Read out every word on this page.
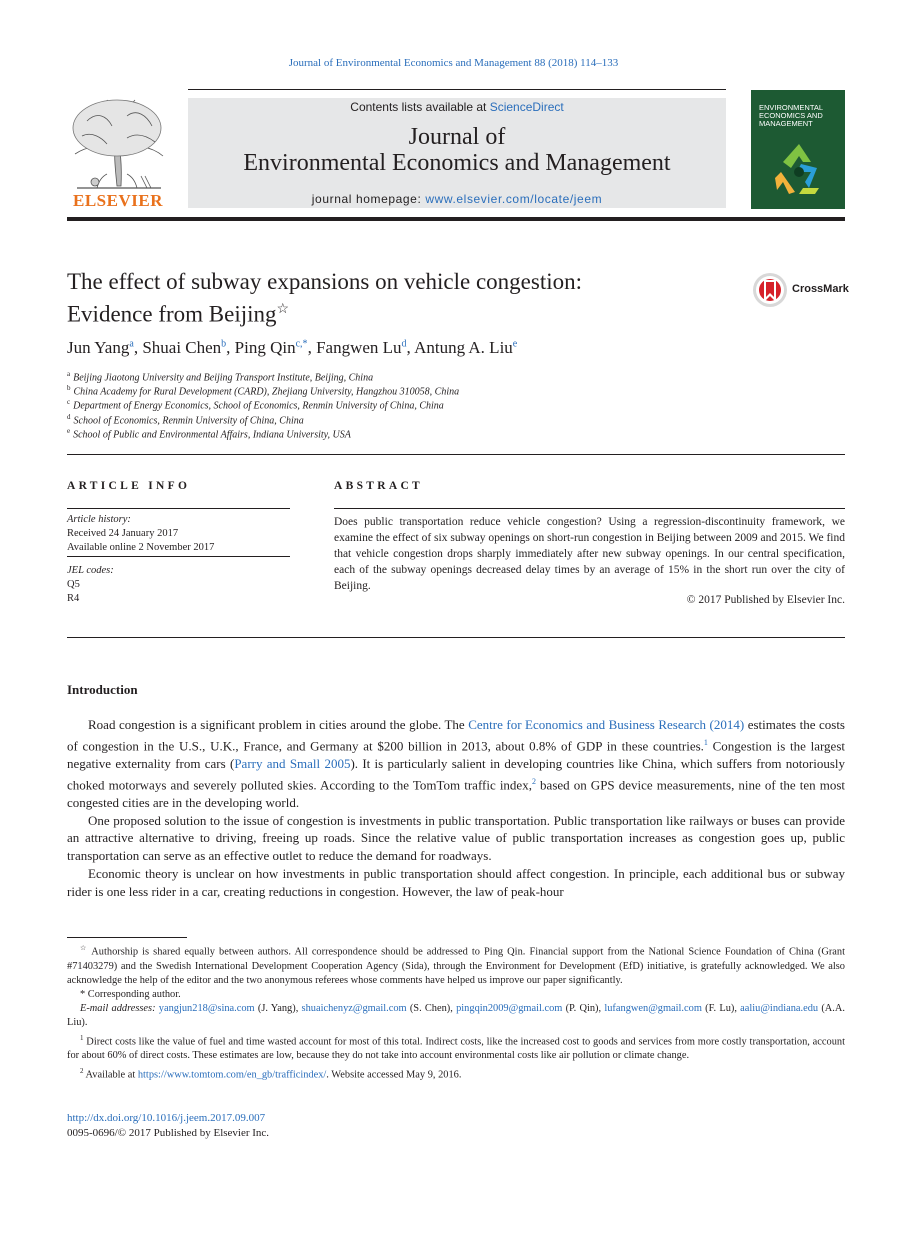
Journal of Environmental Economics and Management 88 (2018) 114–133
ELSEVIER
Contents lists available at ScienceDirect
Journal of
Environmental Economics and Management
journal homepage: www.elsevier.com/locate/jeem
ENVIRONMENTAL ECONOMICS AND MANAGEMENT
The effect of subway expansions on vehicle congestion:
Evidence from Beijing☆
CrossMark
Jun Yang$^a$, Shuai Chen$^b$, Ping Qin$^{c,*}$, Fangwen Lu$^d$, Antung A. Liu$^e$
$^a$ Beijing Jiaotong University and Beijing Transport Institute, Beijing, China
$^b$ China Academy for Rural Development (CARD), Zhejiang University, Hangzhou 310058, China
$^c$ Department of Energy Economics, School of Economics, Renmin University of China, China
$^d$ School of Economics, Renmin University of China, China
$^e$ School of Public and Environmental Affairs, Indiana University, USA
ARTICLE INFO
Article history:
Received 24 January 2017
Available online 2 November 2017
JEL codes:
Q5
R4
ABSTRACT
Does public transportation reduce vehicle congestion? Using a regression-discontinuity framework, we examine the effect of six subway openings on short-run congestion in Beijing between 2009 and 2015. We find that vehicle congestion drops sharply immediately after new subway openings. In our central specification, each of the subway openings decreased delay times by an average of 15% in the short run over the city of Beijing.
© 2017 Published by Elsevier Inc.
Introduction

Road congestion is a significant problem in cities around the globe. The Centre for Economics and Business Research (2014) estimates the costs of congestion in the U.S., U.K., France, and Germany at $200 billion in 2013, about 0.8% of GDP in these countries.$^1$ Congestion is the largest negative externality from cars (Parry and Small 2005). It is particularly salient in developing countries like China, which suffers from notoriously choked motorways and severely polluted skies. According to the TomTom traffic index,$^2$ based on GPS device measurements, nine of the ten most congested cities are in the developing world.

One proposed solution to the issue of congestion is investments in public transportation. Public transportation like railways or buses can provide an attractive alternative to driving, freeing up roads. Since the relative value of public transportation increases as congestion goes up, public transportation can serve as an effective outlet to reduce the demand for roadways.

Economic theory is unclear on how investments in public transportation should affect congestion. In principle, each additional bus or subway rider is one less rider in a car, creating reductions in congestion. However, the law of peak-hour

☆ Authorship is shared equally between authors. All correspondence should be addressed to Ping Qin. Financial support from the National Science Foundation of China (Grant #71403279) and the Swedish International Development Cooperation Agency (Sida), through the Environment for Development (EfD) initiative, is gratefully acknowledged. We also acknowledge the help of the editor and the two anonymous referees whose comments have helped us improve our paper significantly.

* Corresponding author.

E-mail addresses: yangjun218@sina.com (J. Yang), shuaichenyz@gmail.com (S. Chen), pingqin2009@gmail.com (P. Qin), lufangwen@gmail.com (F. Lu), aaliu@indiana.edu (A.A. Liu).

$^1$ Direct costs like the value of fuel and time wasted account for most of this total. Indirect costs, like the increased cost to goods and services from more costly transportation, account for about 60% of direct costs. These estimates are low, because they do not take into account environmental costs like air pollution or climate change.

$^2$ Available at https://www.tomtom.com/en_gb/trafficindex/. Website accessed May 9, 2016.

http://dx.doi.org/10.1016/j.jeem.2017.09.007
0095-0696/© 2017 Published by Elsevier Inc.
